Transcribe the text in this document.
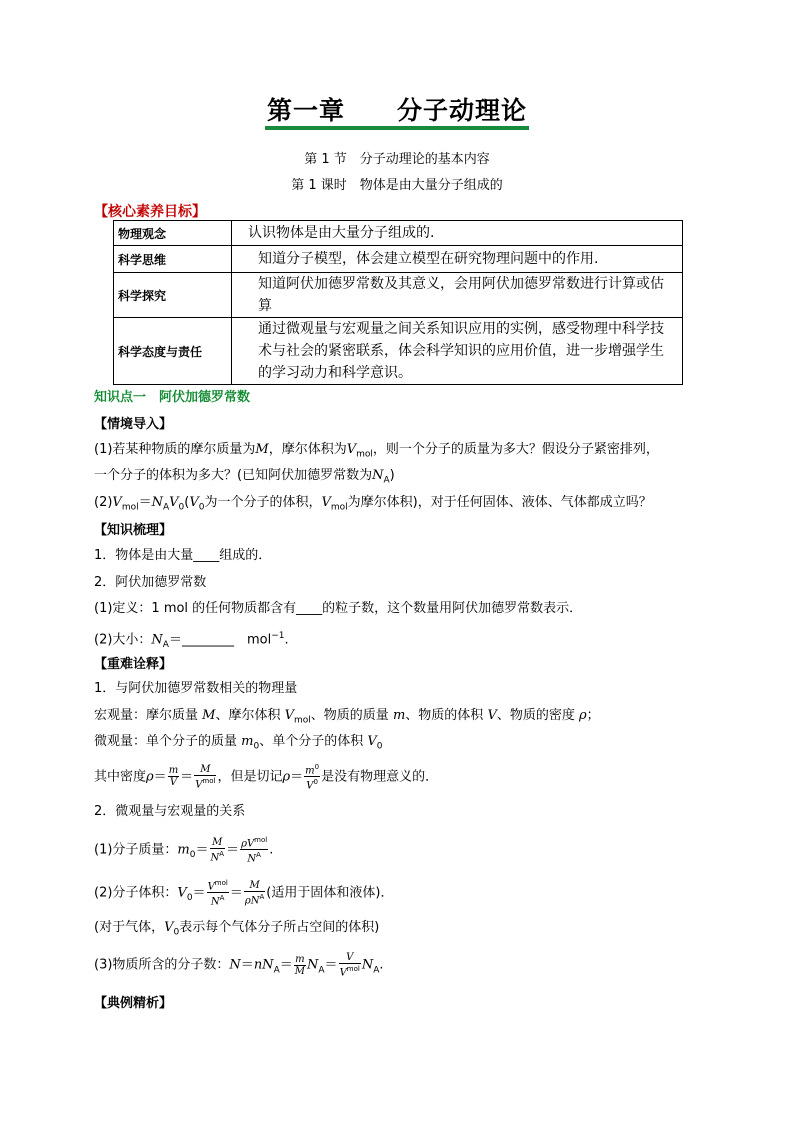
第一章　　分子动理论
第 1 节　分子动理论的基本内容
第 1 课时　物体是由大量分子组成的
【核心素养目标】
物理观念	认识物体是由大量分子组成的.
科学思维	知道分子模型，体会建立模型在研究物理问题中的作用.
科学探究	知道阿伏加德罗常数及其意义，会用阿伏加德罗常数进行计算或估算
科学态度与责任	通过微观量与宏观量之间关系知识应用的实例，感受物理中科学技术与社会的紧密联系，体会科学知识的应用价值，进一步增强学生的学习动力和科学意识。
知识点一　阿伏加德罗常数
【情境导入】
(1)若某种物质的摩尔质量为M，摩尔体积为$V_{mol}$，则一个分子的质量为多大？假设分子紧密排列，
一个分子的体积为多大？(已知阿伏加德罗常数为$N_A$)
$(2)V_{mol}=N_AV_0(V_0$为一个分子的体积，$V_{mol}$为摩尔体积)，对于任何固体、液体、气体都成立吗？
【知识梳理】
1．物体是由大量____组成的．
2．阿伏加德罗常数
(1)定义：1 mol 的任何物质都含有____的粒子数，这个数量用阿伏加德罗常数表示．
(2)大小：$N_A=\_\_\_\_\_\_\_\_$　mol$^{-1}$.
【重难诠释】
1．与阿伏加德罗常数相关的物理量
宏观量：摩尔质量 M、摩尔体积 $V_{mol}$、物质的质量 m、物质的体积 V、物质的密度 ρ；
微观量：单个分子的质量 $m_0$、单个分子的体积 $V_0$
其中密度$\rho= \frac{m}{V} = \frac{M}{V^{mol}}$ ，但是切记$\rho= \frac{m^0}{V^0}$ 是没有物理意义的．
2．微观量与宏观量的关系
(1)分子质量：$m_0= \frac{M}{N^A} = \frac{\rho V^{mol}}{N^A}$ .
(2)分子体积：$V_0= \frac{V^{mol}}{N^A} = \frac{M}{\rho N^A}$ (适用于固体和液体)．
(对于气体，$V_0$表示每个气体分子所占空间的体积)
(3)物质所含的分子数：$N=nN_A= \frac{m}{M} N_A= \frac{V}{V^{mol}} N_A$.
【典例精析】
